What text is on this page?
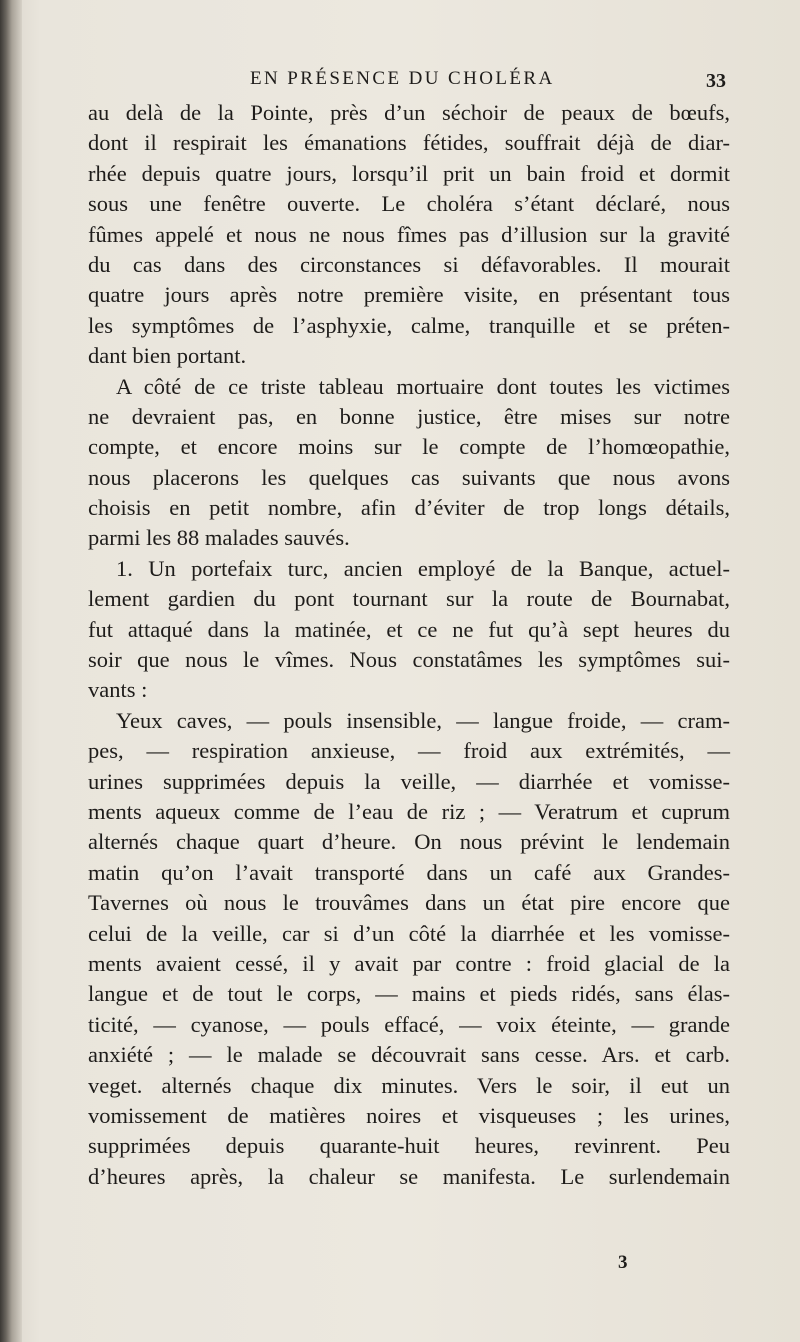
EN PRÉSENCE DU CHOLÉRA	33
au delà de la Pointe, près d’un séchoir de peaux de bœufs,
dont il respirait les émanations fétides, souffrait déjà de diar-
rhée depuis quatre jours, lorsqu’il prit un bain froid et dormit
sous une fenêtre ouverte. Le choléra s’étant déclaré, nous
fûmes appelé et nous ne nous fîmes pas d’illusion sur la gravité
du cas dans des circonstances si défavorables. Il mourait
quatre jours après notre première visite, en présentant tous
les symptômes de l’asphyxie, calme, tranquille et se préten-
dant bien portant.
A côté de ce triste tableau mortuaire dont toutes les victimes
ne devraient pas, en bonne justice, être mises sur notre
compte, et encore moins sur le compte de l’homœopathie,
nous placerons les quelques cas suivants que nous avons
choisis en petit nombre, afin d’éviter de trop longs détails,
parmi les 88 malades sauvés.
1. Un portefaix turc, ancien employé de la Banque, actuel-
lement gardien du pont tournant sur la route de Bournabat,
fut attaqué dans la matinée, et ce ne fut qu’à sept heures du
soir que nous le vîmes. Nous constatâmes les symptômes sui-
vants :
Yeux caves, — pouls insensible, — langue froide, — cram-
pes, — respiration anxieuse, — froid aux extrémités, —
urines supprimées depuis la veille, — diarrhée et vomisse-
ments aqueux comme de l’eau de riz ; — Veratrum et cuprum
alternés chaque quart d’heure. On nous prévint le lendemain
matin qu’on l’avait transporté dans un café aux Grandes-
Tavernes où nous le trouvâmes dans un état pire encore que
celui de la veille, car si d’un côté la diarrhée et les vomisse-
ments avaient cessé, il y avait par contre : froid glacial de la
langue et de tout le corps, — mains et pieds ridés, sans élas-
ticité, — cyanose, — pouls effacé, — voix éteinte, — grande
anxiété ; — le malade se découvrait sans cesse. Ars. et carb.
veget. alternés chaque dix minutes. Vers le soir, il eut un
vomissement de matières noires et visqueuses ; les urines,
supprimées depuis quarante-huit heures, revinrent. Peu
d’heures après, la chaleur se manifesta. Le surlendemain
3
